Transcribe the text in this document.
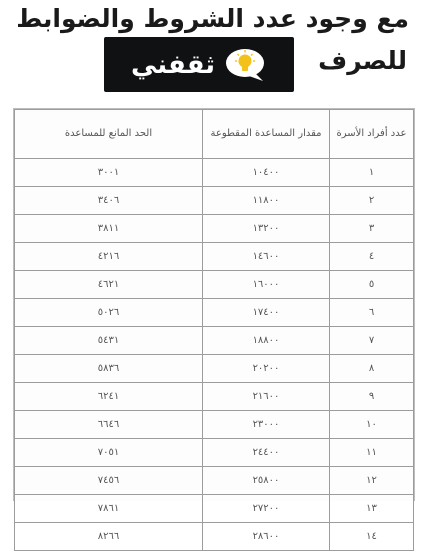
مع وجود عدد الشروط والضوابط
للصرف
ثقفني
عدد أفراد الأسرة	مقدار المساعدة المقطوعة	الحد المانع للمساعدة
١	١٠٤٠٠	٣٠٠١
٢	١١٨٠٠	٣٤٠٦
٣	١٣٢٠٠	٣٨١١
٤	١٤٦٠٠	٤٢١٦
٥	١٦٠٠٠	٤٦٢١
٦	١٧٤٠٠	٥٠٢٦
٧	١٨٨٠٠	٥٤٣١
٨	٢٠٢٠٠	٥٨٣٦
٩	٢١٦٠٠	٦٢٤١
١٠	٢٣٠٠٠	٦٦٤٦
١١	٢٤٤٠٠	٧٠٥١
١٢	٢٥٨٠٠	٧٤٥٦
١٣	٢٧٢٠٠	٧٨٦١
١٤	٢٨٦٠٠	٨٢٦٦
